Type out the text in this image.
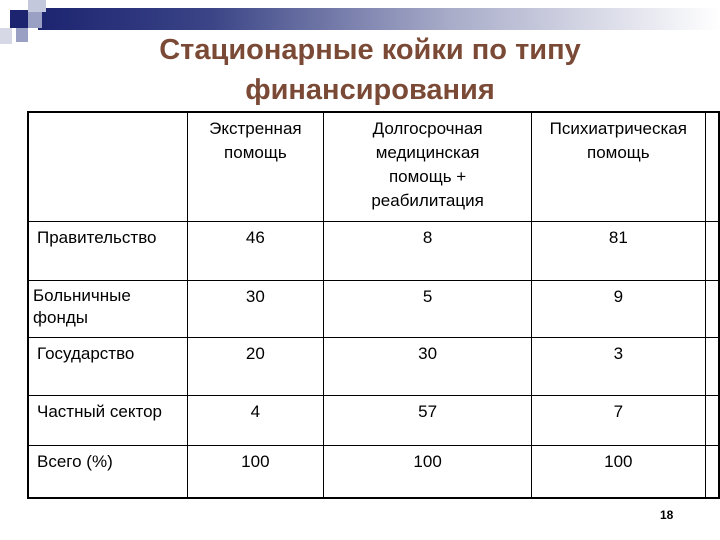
Стационарные койки по типу финансирования
	Экстренная помощь	Долгосрочная медицинская помощь + реабилитация	Психиатрическая помощь	
Правительство	46	8	81	
Больничные фонды	30	5	9	
Государство	20	30	3	
Частный сектор	4	57	7	
Всего (%)	100	100	100	
18
